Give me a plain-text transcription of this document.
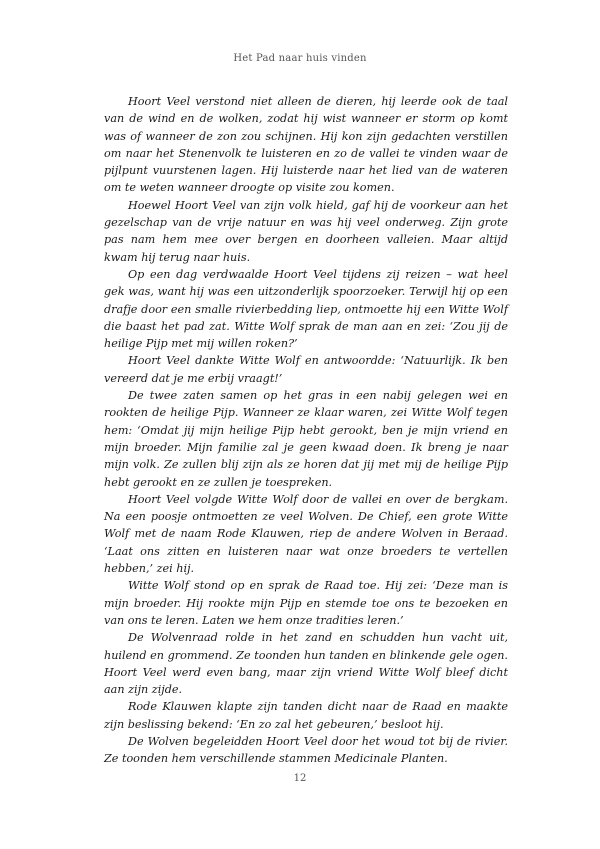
Het Pad naar huis vinden

Hoort Veel verstond niet alleen de dieren, hij leerde ook de taal van de wind en de wolken, zodat hij wist wanneer er storm op komt was of wanneer de zon zou schijnen. Hij kon zijn gedachten verstillen om naar het Stenenvolk te luisteren en zo de vallei te vinden waar de pijlpunt vuurstenen lagen. Hij luisterde naar het lied van de wateren om te weten wanneer droogte op visite zou komen.

Hoewel Hoort Veel van zijn volk hield, gaf hij de voorkeur aan het gezelschap van de vrije natuur en was hij veel onderweg. Zijn grote pas nam hem mee over bergen en doorheen valleien. Maar altijd kwam hij terug naar huis.

Op een dag verdwaalde Hoort Veel tijdens zij reizen – wat heel gek was, want hij was een uitzonderlijk spoorzoeker. Terwijl hij op een drafje door een smalle rivierbedding liep, ontmoette hij een Witte Wolf die baast het pad zat. Witte Wolf sprak de man aan en zei: ‘Zou jij de heilige Pijp met mij willen roken?’

Hoort Veel dankte Witte Wolf en antwoordde: ‘Natuurlijk. Ik ben vereerd dat je me erbij vraagt!’

De twee zaten samen op het gras in een nabij gelegen wei en rookten de heilige Pijp. Wanneer ze klaar waren, zei Witte Wolf tegen hem: ‘Omdat jij mijn heilige Pijp hebt gerookt, ben je mijn vriend en mijn broeder. Mijn familie zal je geen kwaad doen. Ik breng je naar mijn volk. Ze zullen blij zijn als ze horen dat jij met mij de heilige Pijp hebt gerookt en ze zullen je toespreken.

Hoort Veel volgde Witte Wolf door de vallei en over de bergkam. Na een poosje ontmoetten ze veel Wolven. De Chief, een grote Witte Wolf met de naam Rode Klauwen, riep de andere Wolven in Beraad. ‘Laat ons zitten en luisteren naar wat onze broeders te vertellen hebben,’ zei hij.

Witte Wolf stond op en sprak de Raad toe. Hij zei: ‘Deze man is mijn broeder. Hij rookte mijn Pijp en stemde toe ons te bezoeken en van ons te leren. Laten we hem onze tradities leren.’

De Wolvenraad rolde in het zand en schudden hun vacht uit, huilend en grommend. Ze toonden hun tanden en blinkende gele ogen. Hoort Veel werd even bang, maar zijn vriend Witte Wolf bleef dicht aan zijn zijde.

Rode Klauwen klapte zijn tanden dicht naar de Raad en maakte zijn beslissing bekend: ‘En zo zal het gebeuren,’ besloot hij.

De Wolven begeleidden Hoort Veel door het woud tot bij de rivier. Ze toonden hem verschillende stammen Medicinale Planten.

12
